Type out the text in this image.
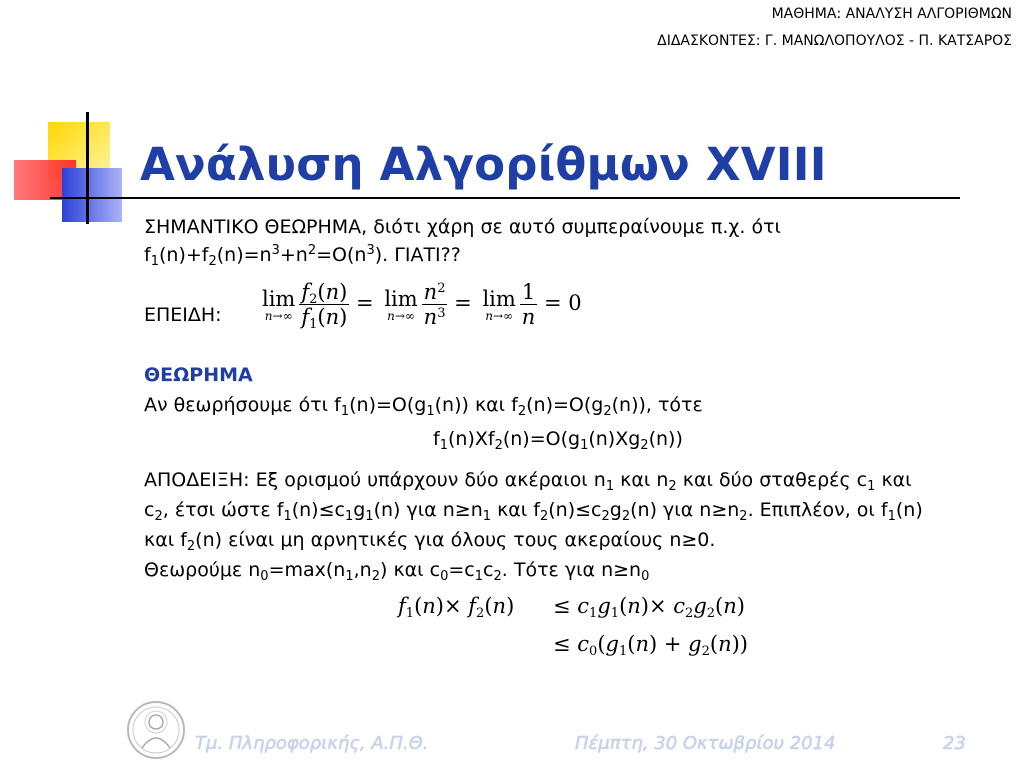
ΜΑΘΗΜΑ: ΑΝΑΛΥΣΗ ΑΛΓΟΡΙΘΜΩΝ
ΔΙΔΑΣΚΟΝΤΕΣ: Γ. ΜΑΝΩΛΟΠΟΥΛΟΣ - Π. ΚΑΤΣΑΡΟΣ
Ανάλυση Αλγορίθμων XVIII
ΣΗΜΑΝΤΙΚΟ ΘΕΩΡΗΜΑ, διότι χάρη σε αυτό συμπεραίνουμε π.χ. ότι
$f_1(n)+f_2(n)=n^3+n^2=O(n^3)$. ΓΙΑΤΙ??
ΕΠΕΙΔΗ:
lim
$n\to\infty \frac{f_2(n)}{f_1(n)} = \lim$
$n\to\infty \frac{n^2}{n^3} = \lim$
$n\to\infty \frac{1}{n} = 0$
ΘΕΩΡΗΜΑ
Αν θεωρήσουμε ότι $f_1(n)=O(g_1(n))$ και $f_2(n)=O(g_2(n))$, τότε
$f_1(n)Xf_2(n)=O(g_1(n)Xg_2(n))$
ΑΠΟΔΕΙΞΗ: Εξ ορισμού υπάρχουν δύο ακέραιοι $n_1$ και $n_2$ και δύο σταθερές $c_1$ και
$c_2$, έτσι ώστε $f_1(n)\le c_1g_1(n)$ για $n\ge n_1$ και $f_2(n)\le c_2g_2(n)$ για $n\ge n_2$. Επιπλέον, οι $f_1(n)$
και $f_2(n)$ είναι μη αρνητικές για όλους τους ακεραίους n≥0.
Θεωρούμε $n_0=\max(n_1,n_2)$ και $c_0=c_1c_2$. Τότε για $n\ge n_0$
$f_1(n)\times f_2(n) \le c_1g_1(n)\times c_2g_2(n)$
≤ $c_0(g_1(n) + g_2(n))$
Τμ. Πληροφορικής, Α.Π.Θ.	Πέμπτη, 30 Οκτωβρίου 2014	23
